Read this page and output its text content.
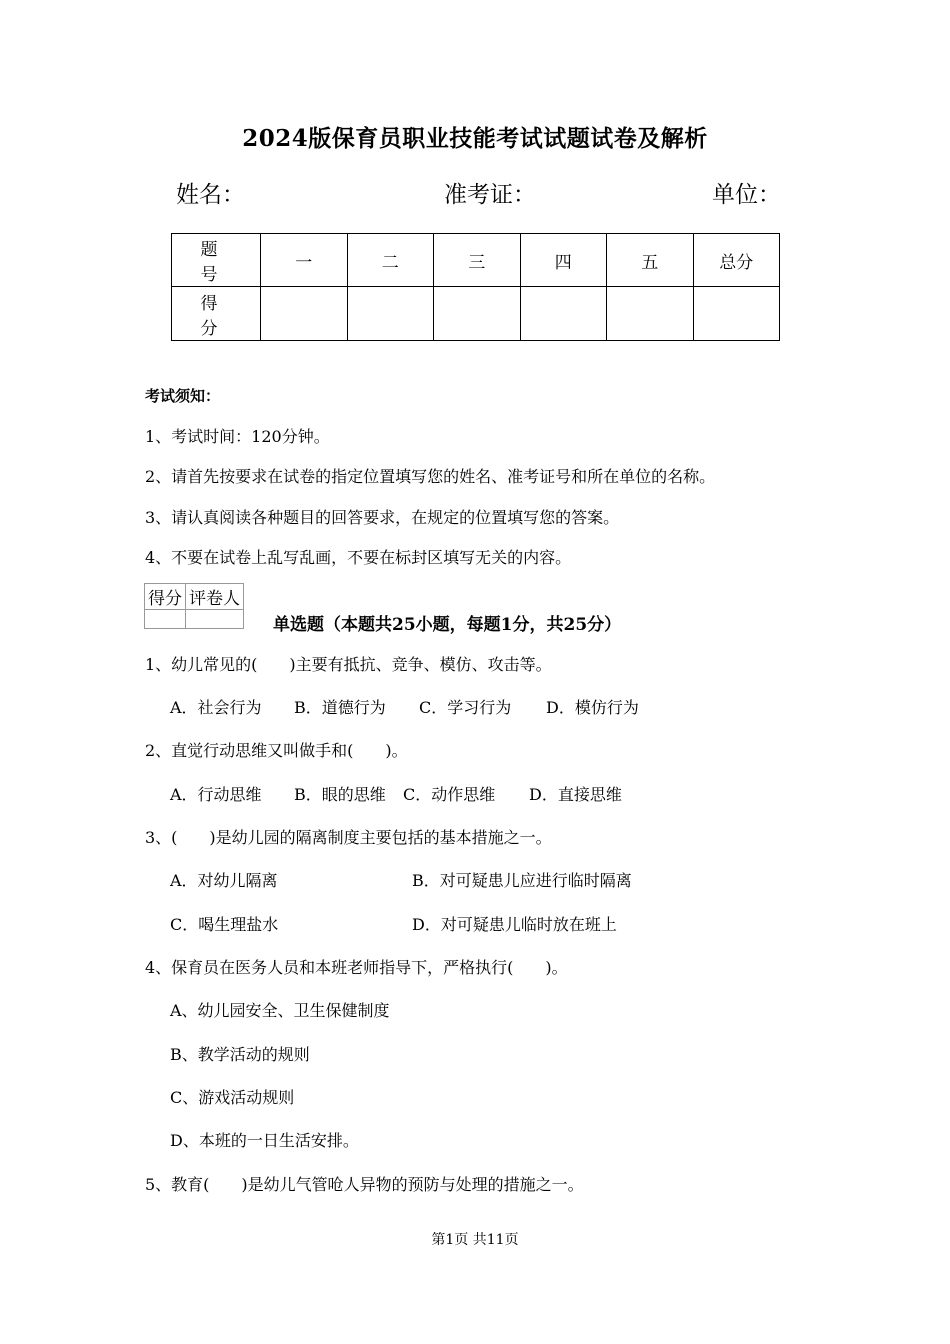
2024版保育员职业技能考试试题试卷及解析
姓名：	准考证：	单位：
题　号	一	二	三	四	五	总分
得　分						
考试须知：
1、考试时间：120分钟。
2、请首先按要求在试卷的指定位置填写您的姓名、准考证号和所在单位的名称。
3、请认真阅读各种题目的回答要求，在规定的位置填写您的答案。
4、不要在试卷上乱写乱画，不要在标封区填写无关的内容。
得分	评卷人

单选题（本题共25小题，每题1分，共25分）
1、幼儿常见的(　　)主要有抵抗、竞争、模仿、攻击等。
A．社会行为 B．道德行为 C．学习行为 D．模仿行为
2、直觉行动思维又叫做手和(　　)。
A．行动思维 B．眼的思维 C．动作思维 D．直接思维
3、(　　)是幼儿园的隔离制度主要包括的基本措施之一。
A．对幼儿隔离	B．对可疑患儿应进行临时隔离
C．喝生理盐水	D．对可疑患儿临时放在班上
4、保育员在医务人员和本班老师指导下，严格执行(　　)。
A、幼儿园安全、卫生保健制度
B、教学活动的规则
C、游戏活动规则
D、本班的一日生活安排。
5、教育(　　)是幼儿气管呛人异物的预防与处理的措施之一。
第1页 共11页
